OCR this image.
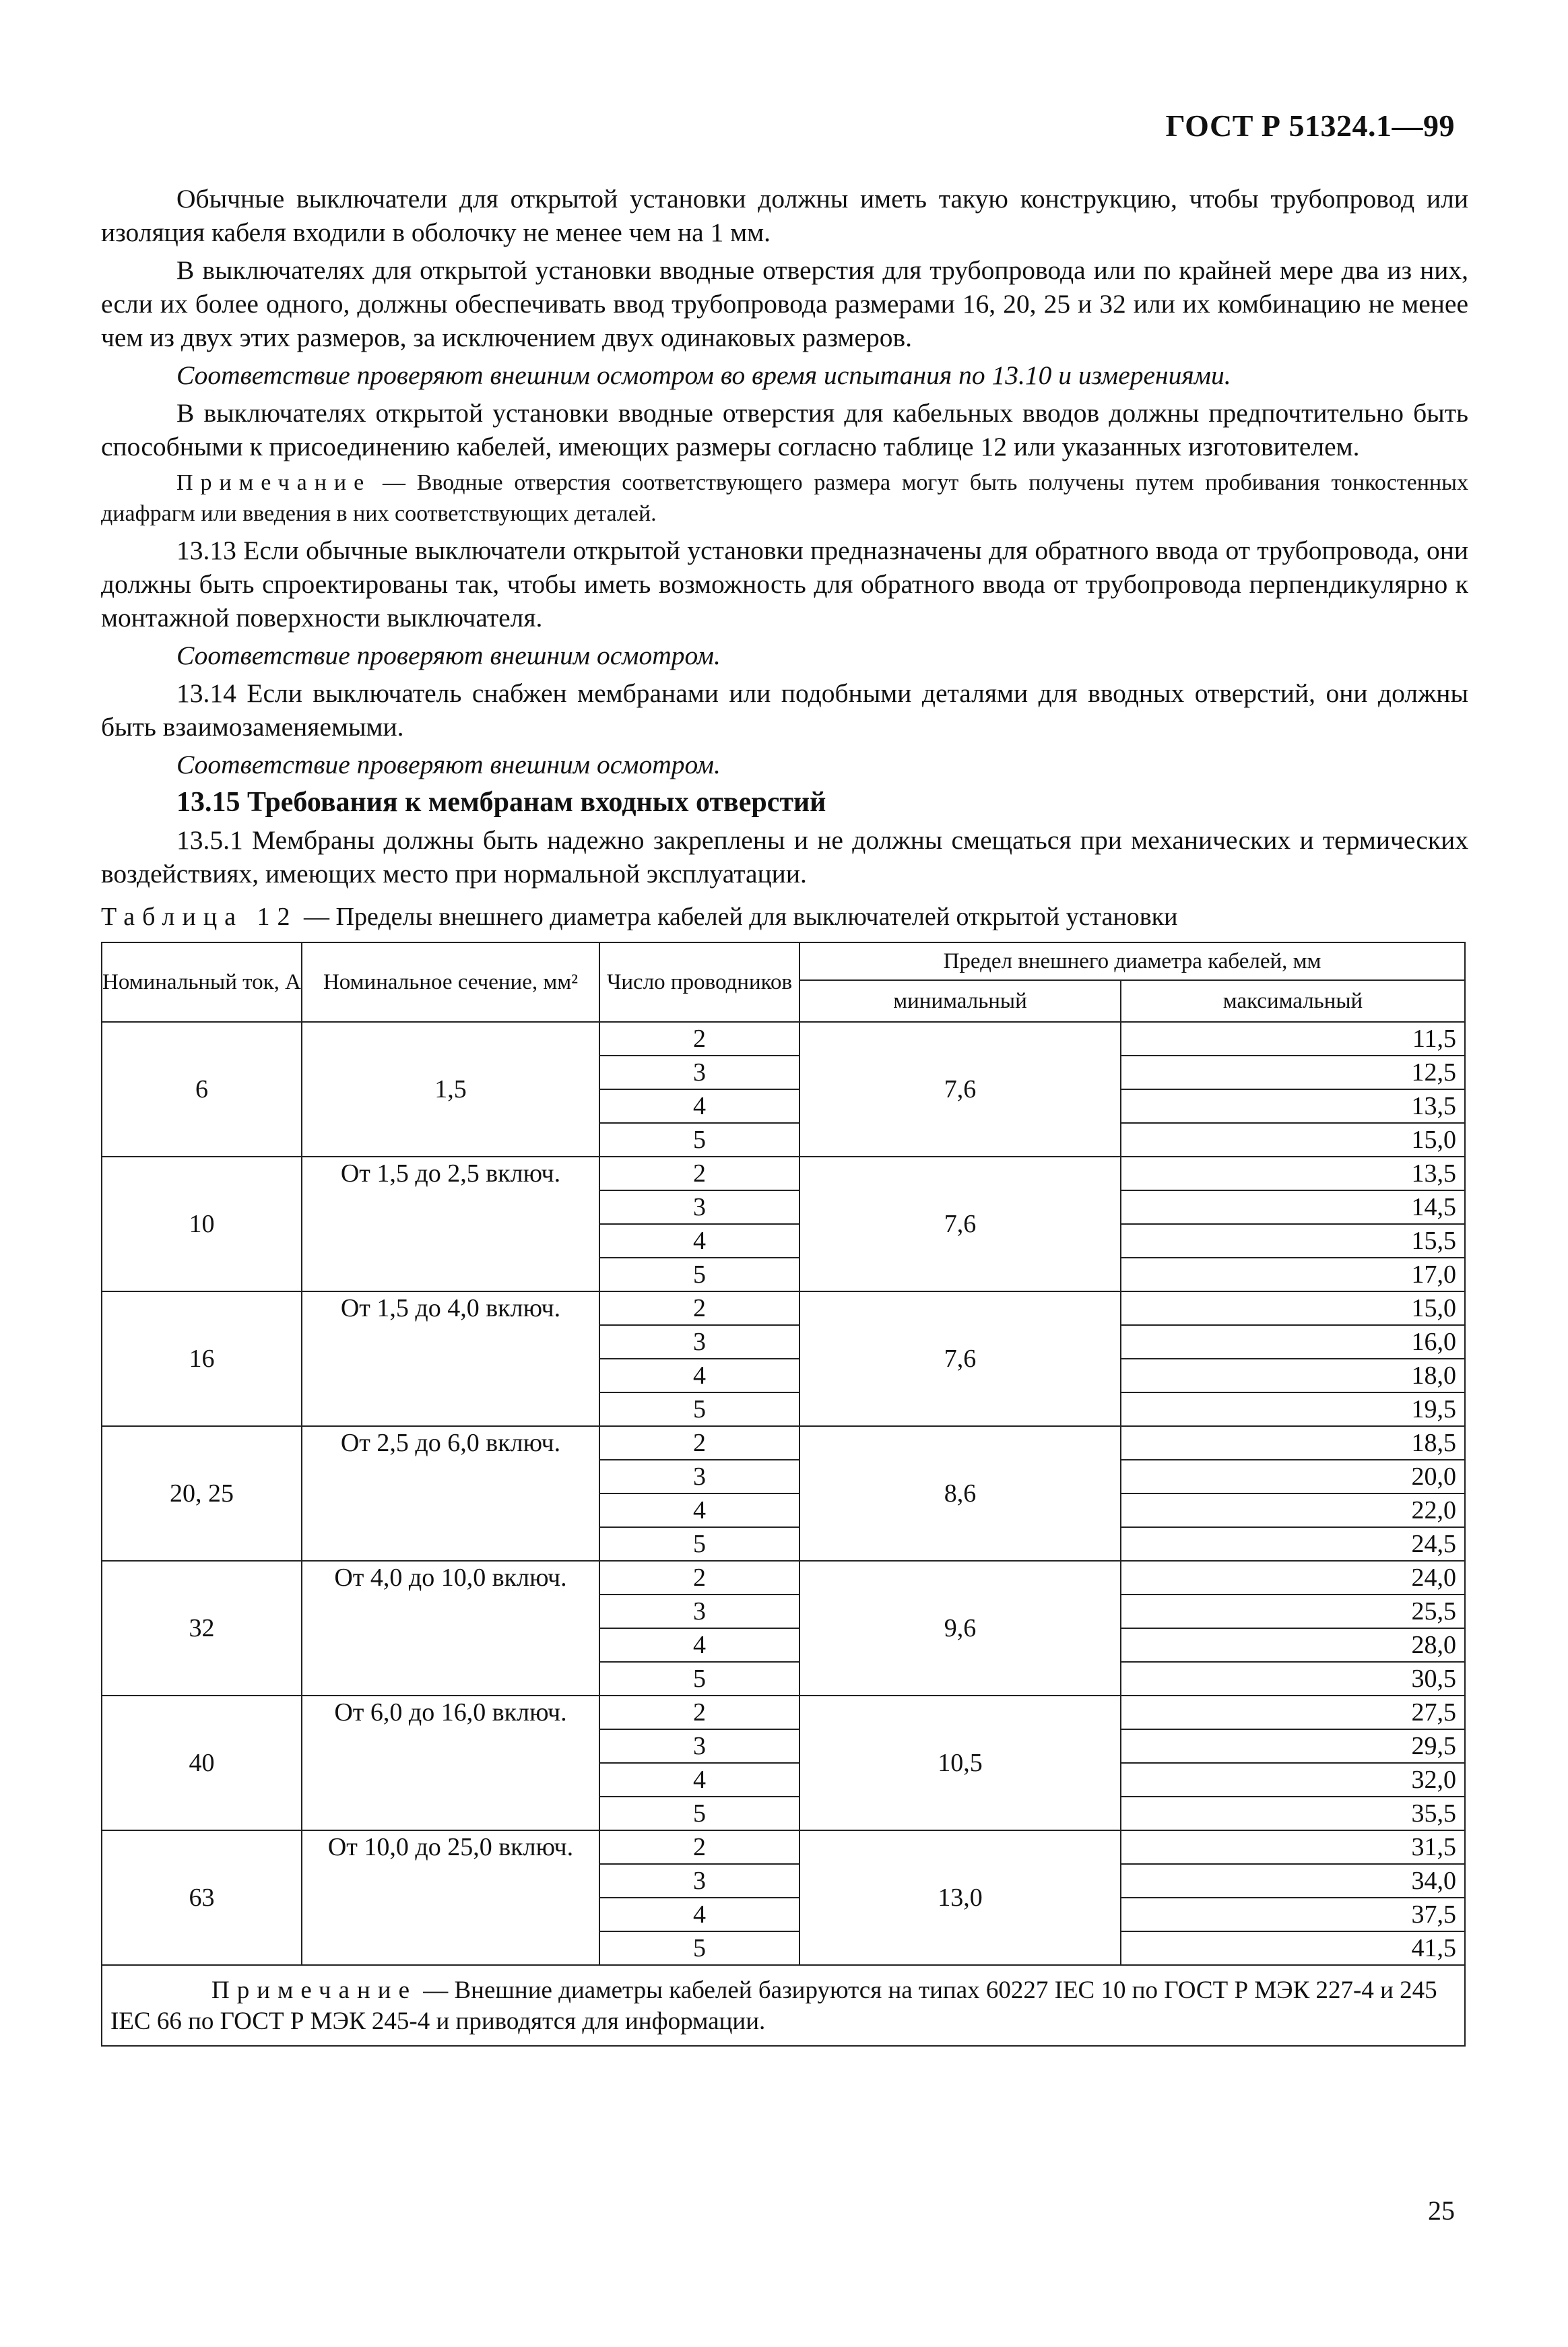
ГОСТ Р 51324.1—99

Обычные выключатели для открытой установки должны иметь такую конструкцию, чтобы трубопровод или изоляция кабеля входили в оболочку не менее чем на 1 мм.

В выключателях для открытой установки вводные отверстия для трубопровода или по крайней мере два из них, если их более одного, должны обеспечивать ввод трубопровода размерами 16, 20, 25 и 32 или их комбинацию не менее чем из двух этих размеров, за исключением двух одинаковых размеров.

Соответствие проверяют внешним осмотром во время испытания по 13.10 и измерениями.

В выключателях открытой установки вводные отверстия для кабельных вводов должны предпочтительно быть способными к присоединению кабелей, имеющих размеры согласно таблице 12 или указанных изготовителем.

Примечание — Вводные отверстия соответствующего размера могут быть получены путем пробивания тонкостенных диафрагм или введения в них соответствующих деталей.

13.13 Если обычные выключатели открытой установки предназначены для обратного ввода от трубопровода, они должны быть спроектированы так, чтобы иметь возможность для обратного ввода от трубопровода перпендикулярно к монтажной поверхности выключателя.

Соответствие проверяют внешним осмотром.

13.14 Если выключатель снабжен мембранами или подобными деталями для вводных отверстий, они должны быть взаимозаменяемыми.

Соответствие проверяют внешним осмотром.

13.15 Требования к мембранам входных отверстий

13.5.1 Мембраны должны быть надежно закреплены и не должны смещаться при механических и термических воздействиях, имеющих место при нормальной эксплуатации.

Таблица 12 — Пределы внешнего диаметра кабелей для выключателей открытой установки

Номинальный ток, А	Номинальное сечение, мм²	Число проводников	Предел внешнего диаметра кабелей, мм	
			минимальный	максимальный
6	1,5	2	7,6	11,5
		3		12,5
		4		13,5
		5		15,0
10	От 1,5 до 2,5 включ.	2	7,6	13,5
		3		14,5
		4		15,5
		5		17,0
16	От 1,5 до 4,0 включ.	2	7,6	15,0
		3		16,0
		4		18,0
		5		19,5
20, 25	От 2,5 до 6,0 включ.	2	8,6	18,5
		3		20,0
		4		22,0
		5		24,5
32	От 4,0 до 10,0 включ.	2	9,6	24,0
		3		25,5
		4		28,0
		5		30,5
40	От 6,0 до 16,0 включ.	2	10,5	27,5
		3		29,5
		4		32,0
		5		35,5
63	От 10,0 до 25,0 включ.	2	13,0	31,5
		3		34,0
		4		37,5
		5		41,5
Примечание — Внешние диаметры кабелей базируются на типах 60227 IEC 10 по ГОСТ Р МЭК 227-4 и 245 IEC 66 по ГОСТ Р МЭК 245-4 и приводятся для информации.				
25
